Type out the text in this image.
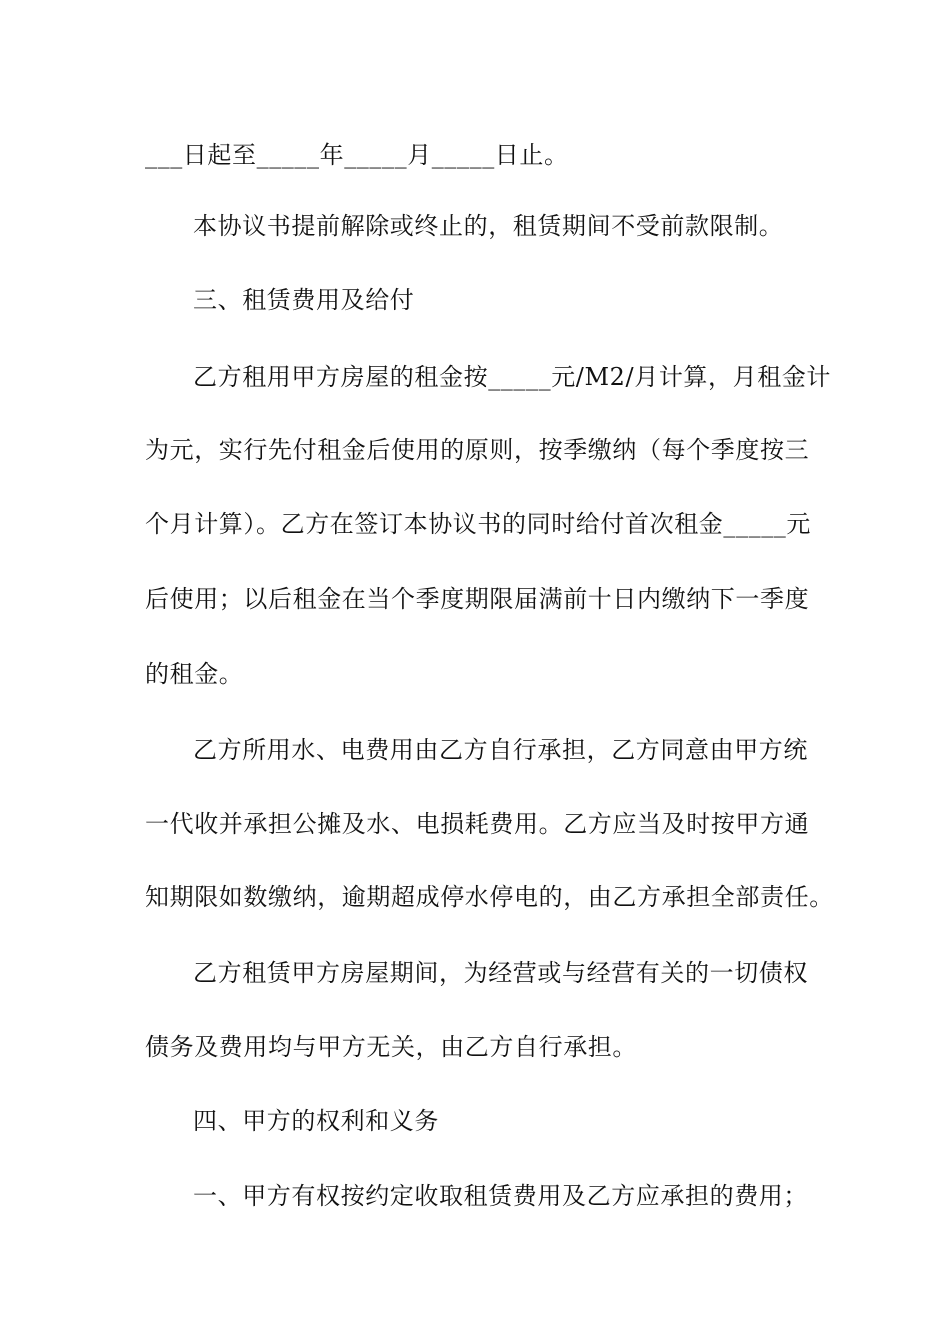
___日起至_____年_____月_____日止。
本协议书提前解除或终止的，租赁期间不受前款限制。
三、租赁费用及给付
乙方租用甲方房屋的租金按_____元/M2/月计算，月租金计
为元，实行先付租金后使用的原则，按季缴纳（每个季度按三
个月计算）。乙方在签订本协议书的同时给付首次租金_____元
后使用；以后租金在当个季度期限届满前十日内缴纳下一季度
的租金。
乙方所用水、电费用由乙方自行承担，乙方同意由甲方统
一代收并承担公摊及水、电损耗费用。乙方应当及时按甲方通
知期限如数缴纳，逾期超成停水停电的，由乙方承担全部责任。
乙方租赁甲方房屋期间，为经营或与经营有关的一切债权
债务及费用均与甲方无关，由乙方自行承担。
四、甲方的权利和义务
一、甲方有权按约定收取租赁费用及乙方应承担的费用；
